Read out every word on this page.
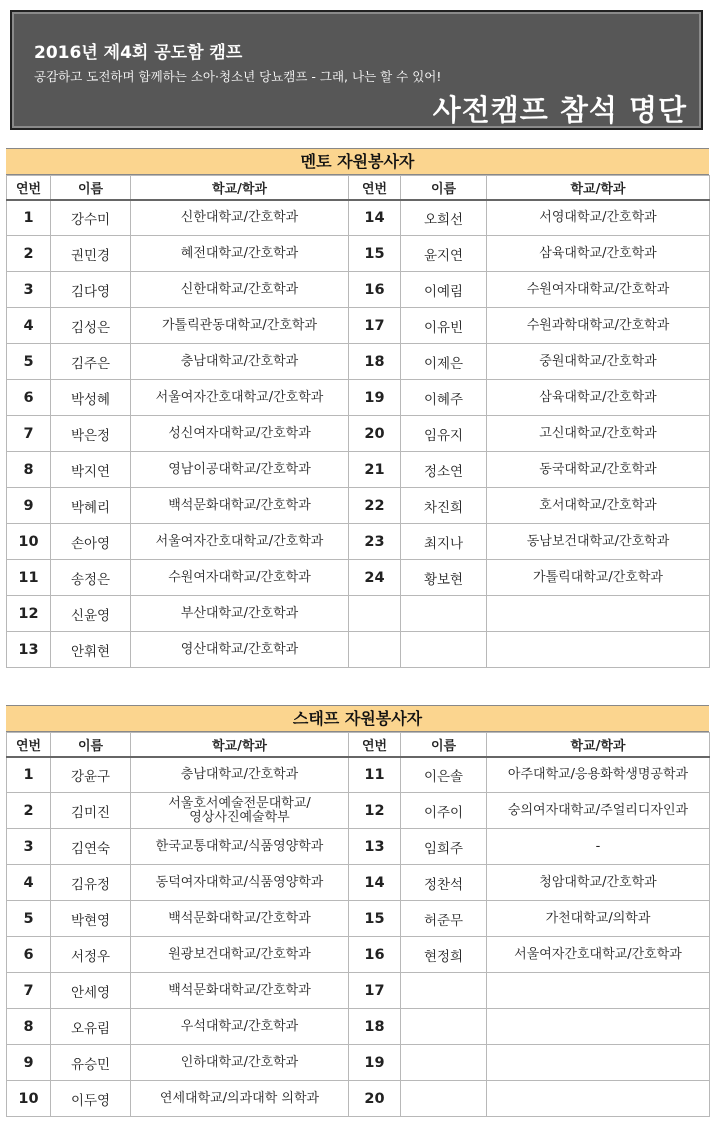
2016년 제4회 공도함 캠프
공감하고 도전하며 함께하는 소아·청소년 당뇨캠프 - 그래, 나는 할 수 있어!
사전캠프 참석 명단
멘토 자원봉사자
연번	이름	학교/학과	연번	이름	학교/학과
1	강수미	신한대학교/간호학과	14	오희선	서영대학교/간호학과
2	권민경	혜전대학교/간호학과	15	윤지연	삼육대학교/간호학과
3	김다영	신한대학교/간호학과	16	이예림	수원여자대학교/간호학과
4	김성은	가톨릭관동대학교/간호학과	17	이유빈	수원과학대학교/간호학과
5	김주은	충남대학교/간호학과	18	이제은	중원대학교/간호학과
6	박성혜	서울여자간호대학교/간호학과	19	이혜주	삼육대학교/간호학과
7	박은정	성신여자대학교/간호학과	20	임유지	고신대학교/간호학과
8	박지연	영남이공대학교/간호학과	21	정소연	동국대학교/간호학과
9	박혜리	백석문화대학교/간호학과	22	차진희	호서대학교/간호학과
10	손아영	서울여자간호대학교/간호학과	23	최지나	동남보건대학교/간호학과
11	송정은	수원여자대학교/간호학과	24	황보현	가톨릭대학교/간호학과
12	신윤영	부산대학교/간호학과			
13	안휘현	영산대학교/간호학과			
스태프 자원봉사자
연번	이름	학교/학과	연번	이름	학교/학과
1	강윤구	충남대학교/간호학과	11	이은솔	아주대학교/응용화학생명공학과
2	김미진	서울호서예술전문대학교/
영상사진예술학부	12	이주이	숭의여자대학교/주얼리디자인과
3	김연숙	한국교통대학교/식품영양학과	13	임희주	-
4	김유정	동덕여자대학교/식품영양학과	14	정찬석	청암대학교/간호학과
5	박현영	백석문화대학교/간호학과	15	허준무	가천대학교/의학과
6	서정우	원광보건대학교/간호학과	16	현정희	서울여자간호대학교/간호학과
7	안세영	백석문화대학교/간호학과	17		
8	오유림	우석대학교/간호학과	18		
9	유승민	인하대학교/간호학과	19		
10	이두영	연세대학교/의과대학 의학과	20		
